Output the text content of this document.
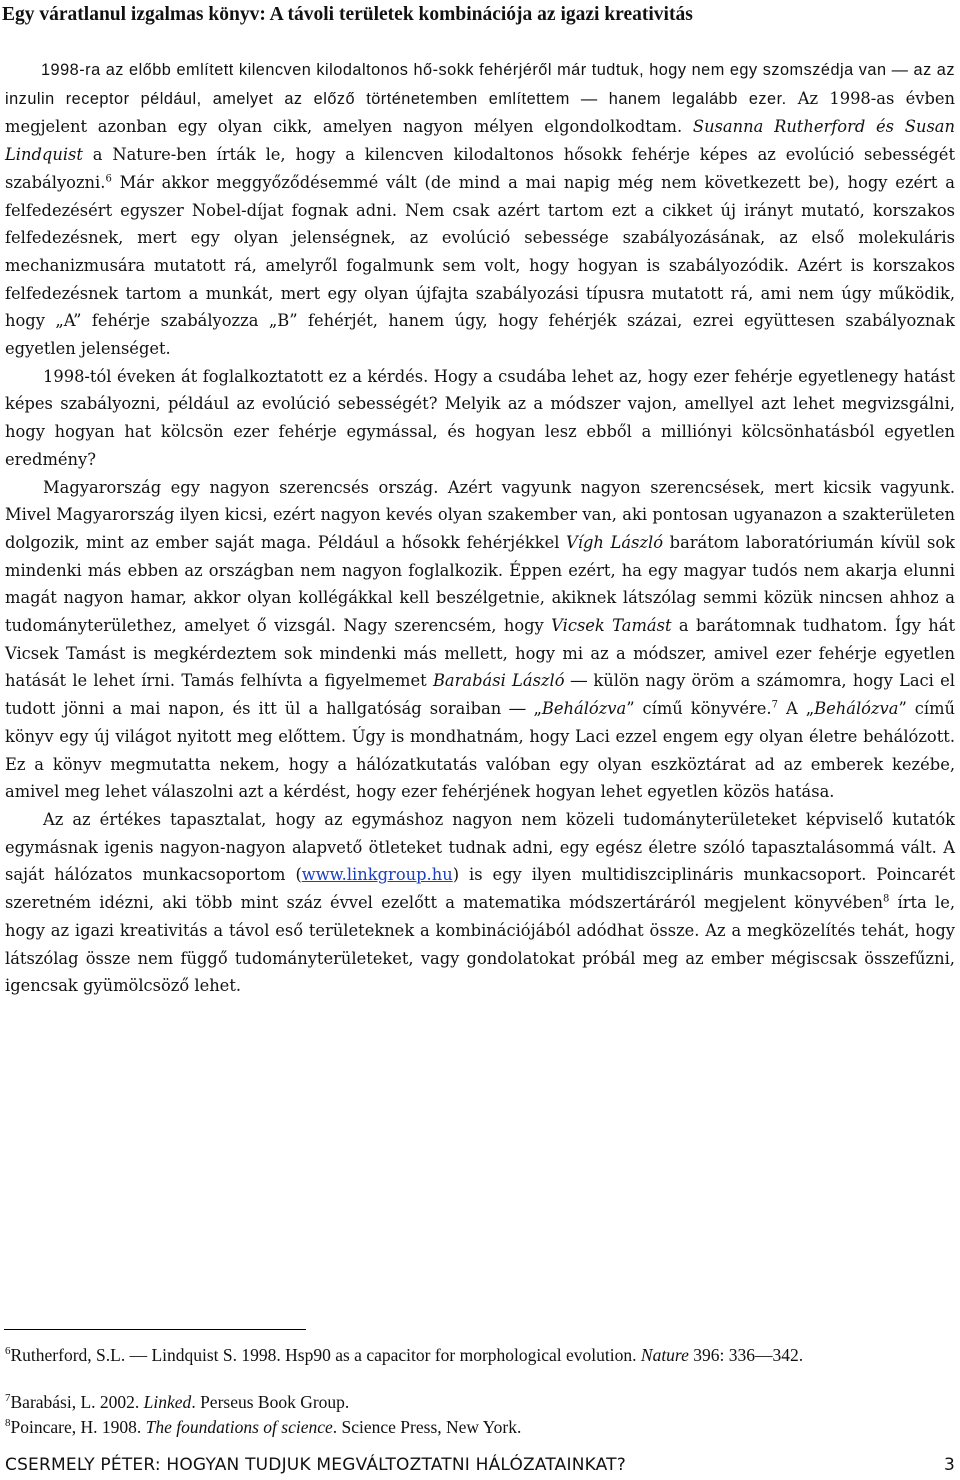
Egy váratlanul izgalmas könyv: A távoli területek kombinációja az igazi kreativitás

1998-ra az előbb említett kilencven kilodaltonos hő-sokk fehérjéről már tudtuk, hogy nem egy szomszédja van ― az az inzulin receptor például, amelyet az előző történetemben említettem ― hanem legalább ezer. Az 1998-as évben megjelent azonban egy olyan cikk, amelyen nagyon mélyen elgondolkodtam. Susanna Rutherford és Susan Lindquist a Nature-ben írták le, hogy a kilencven kilodaltonos hősokk fehérje képes az evolúció sebességét szabályozni.$^6$ Már akkor meggyőződésemmé vált (de mind a mai napig még nem következett be), hogy ezért a felfedezésért egyszer Nobel-díjat fognak adni. Nem csak azért tartom ezt a cikket új irányt mutató, korszakos felfedezésnek, mert egy olyan jelenségnek, az evolúció sebessége szabályozásának, az első molekuláris mechanizmusára mutatott rá, amelyről fogalmunk sem volt, hogy hogyan is szabályozódik. Azért is korszakos felfedezésnek tartom a munkát, mert egy olyan újfajta szabályozási típusra mutatott rá, ami nem úgy működik, hogy „A” fehérje szabályozza „B” fehérjét, hanem úgy, hogy fehérjék százai, ezrei együttesen szabályoznak egyetlen jelenséget.

1998-tól éveken át foglalkoztatott ez a kérdés. Hogy a csudába lehet az, hogy ezer fehérje egyetlenegy hatást képes szabályozni, például az evolúció sebességét? Melyik az a módszer vajon, amellyel azt lehet megvizsgálni, hogy hogyan hat kölcsön ezer fehérje egymással, és hogyan lesz ebből a milliónyi kölcsönhatásból egyetlen eredmény?

Magyarország egy nagyon szerencsés ország. Azért vagyunk nagyon szerencsések, mert kicsik vagyunk. Mivel Magyarország ilyen kicsi, ezért nagyon kevés olyan szakember van, aki pontosan ugyanazon a szakterületen dolgozik, mint az ember saját maga. Például a hősokk fehérjékkel Vígh László barátom laboratóriumán kívül sok mindenki más ebben az országban nem nagyon foglalkozik. Éppen ezért, ha egy magyar tudós nem akarja elunni magát nagyon hamar, akkor olyan kollégákkal kell beszélgetnie, akiknek látszólag semmi közük nincsen ahhoz a tudományterülethez, amelyet ő vizsgál. Nagy szerencsém, hogy Vicsek Tamást a barátomnak tudhatom. Így hát Vicsek Tamást is megkérdeztem sok mindenki más mellett, hogy mi az a módszer, amivel ezer fehérje egyetlen hatását le lehet írni. Tamás felhívta a figyelmemet Barabási László ― külön nagy öröm a számomra, hogy Laci el tudott jönni a mai napon, és itt ül a hallgatóság soraiban ― „Behálózva” című könyvére.$^7$ A „Behálózva” című könyv egy új világot nyitott meg előttem. Úgy is mondhatnám, hogy Laci ezzel engem egy olyan életre behálózott. Ez a könyv megmutatta nekem, hogy a hálózatkutatás valóban egy olyan eszköztárat ad az emberek kezébe, amivel meg lehet válaszolni azt a kérdést, hogy ezer fehérjének hogyan lehet egyetlen közös hatása.

Az az értékes tapasztalat, hogy az egymáshoz nagyon nem közeli tudományterületeket képviselő kutatók egymásnak igenis nagyon-nagyon alapvető ötleteket tudnak adni, egy egész életre szóló tapasztalásommá vált. A saját hálózatos munkacsoportom (www.linkgroup.hu) is egy ilyen multidiszciplináris munkacsoport. Poincarét szeretném idézni, aki több mint száz évvel ezelőtt a matematika módszertáráról megjelent könyvében$^8$ írta le, hogy az igazi kreativitás a távol eső területeknek a kombinációjából adódhat össze. Az a megközelítés tehát, hogy látszólag össze nem függő tudományterületeket, vagy gondolatokat próbál meg az ember mégiscsak összefűzni, igencsak gyümölcsöző lehet.

$^6$Rutherford, S.L. ― Lindquist S. 1998. Hsp90 as a capacitor for morphological evolution. Nature 396: 336―342.
$^7$Barabási, L. 2002. Linked. Perseus Book Group.
$^8$Poincare, H. 1908. The foundations of science. Science Press, New York.
CSERMELY PÉTER: HOGYAN TUDJUK MEGVÁLTOZTATNI HÁLÓZATAINKAT?	3
